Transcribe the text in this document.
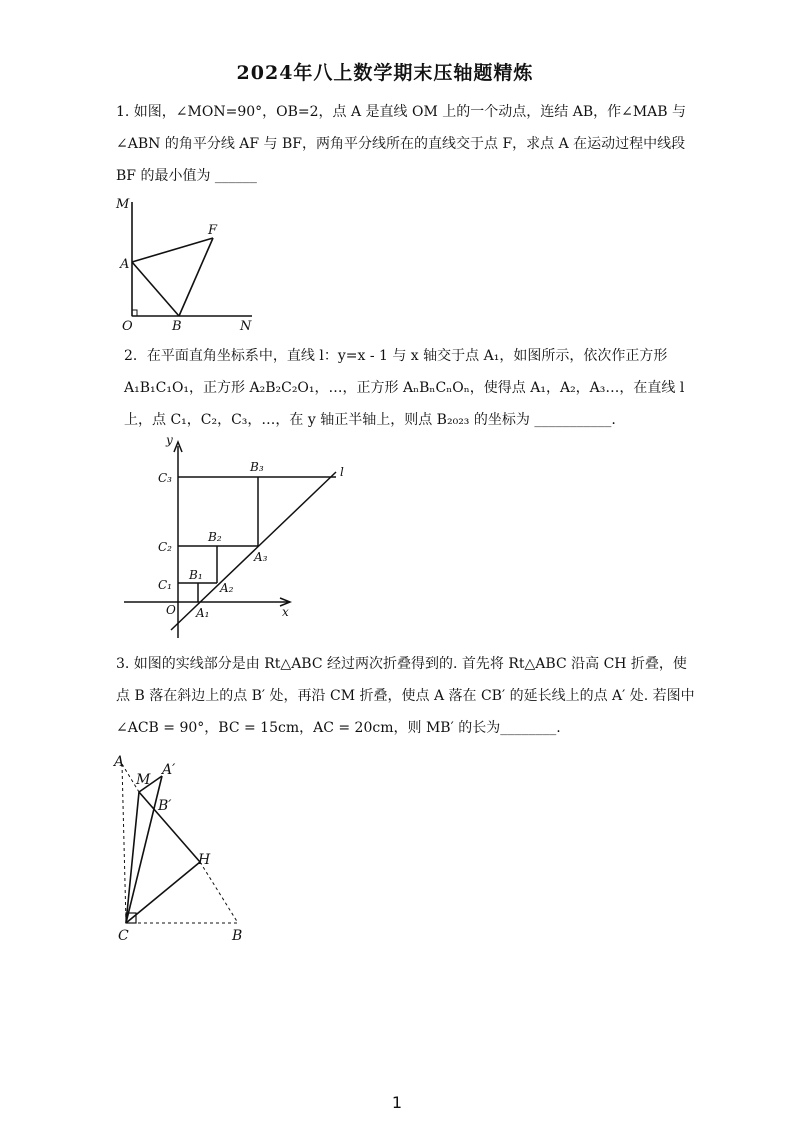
2024年八上数学期末压轴题精炼

1. 如图，∠MON=90°，OB=2，点 A 是直线 OM 上的一个动点，连结 AB，作∠MAB 与∠ABN 的角平分线 AF 与 BF，两角平分线所在的直线交于点 F，求点 A 在运动过程中线段 BF 的最小值为 ______

M
F
A
O	B	N

2．在平面直角坐标系中，直线 l：y=x - 1 与 x 轴交于点 A₁，如图所示，依次作正方形 A₁B₁C₁O₁，正方形 A₂B₂C₂O₁，…，正方形 AₙBₙCₙOₙ，使得点 A₁，A₂，A₃…，在直线 l 上，点 C₁，C₂，C₃，…，在 y 轴正半轴上，则点 B₂₀₂₃ 的坐标为 ___________.

y
C₃
B₃	l
B₂
C₂
A₃
B₁
C₁	A₂
O A₁	x

3. 如图的实线部分是由 Rt△ABC 经过两次折叠得到的. 首先将 Rt△ABC 沿高 CH 折叠，使点 B 落在斜边上的点 B′ 处，再沿 CM 折叠，使点 A 落在 CB′ 的延长线上的点 A′ 处. 若图中 ∠ACB = 90°，BC = 15cm，AC = 20cm，则 MB′ 的长为________.

A
M
A′
B′
H
C	B
1
